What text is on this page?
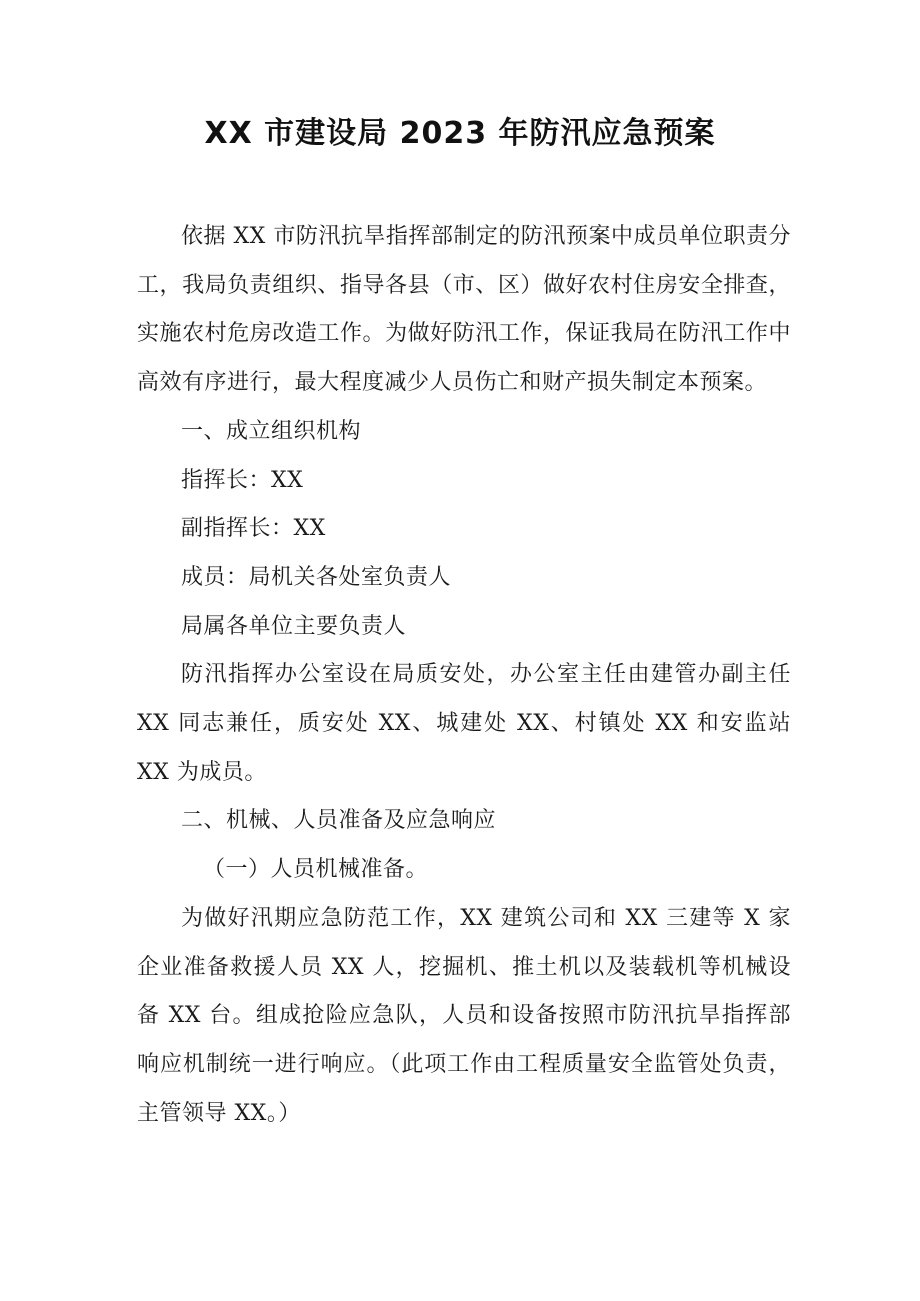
XX 市建设局 2023 年防汛应急预案

依据 XX 市防汛抗旱指挥部制定的防汛预案中成员单位职责分工，我局负责组织、指导各县（市、区）做好农村住房安全排查，实施农村危房改造工作。为做好防汛工作，保证我局在防汛工作中高效有序进行，最大程度减少人员伤亡和财产损失制定本预案。

一、成立组织机构

指挥长：XX

副指挥长：XX

成员：局机关各处室负责人

局属各单位主要负责人

防汛指挥办公室设在局质安处，办公室主任由建管办副主任 XX 同志兼任，质安处 XX、城建处 XX、村镇处 XX 和安监站 XX 为成员。

二、机械、人员准备及应急响应

（一）人员机械准备。

为做好汛期应急防范工作，XX 建筑公司和 XX 三建等 X 家企业准备救援人员 XX 人，挖掘机、推土机以及装载机等机械设备 XX 台。组成抢险应急队，人员和设备按照市防汛抗旱指挥部响应机制统一进行响应。（此项工作由工程质量安全监管处负责，主管领导 XX。）
